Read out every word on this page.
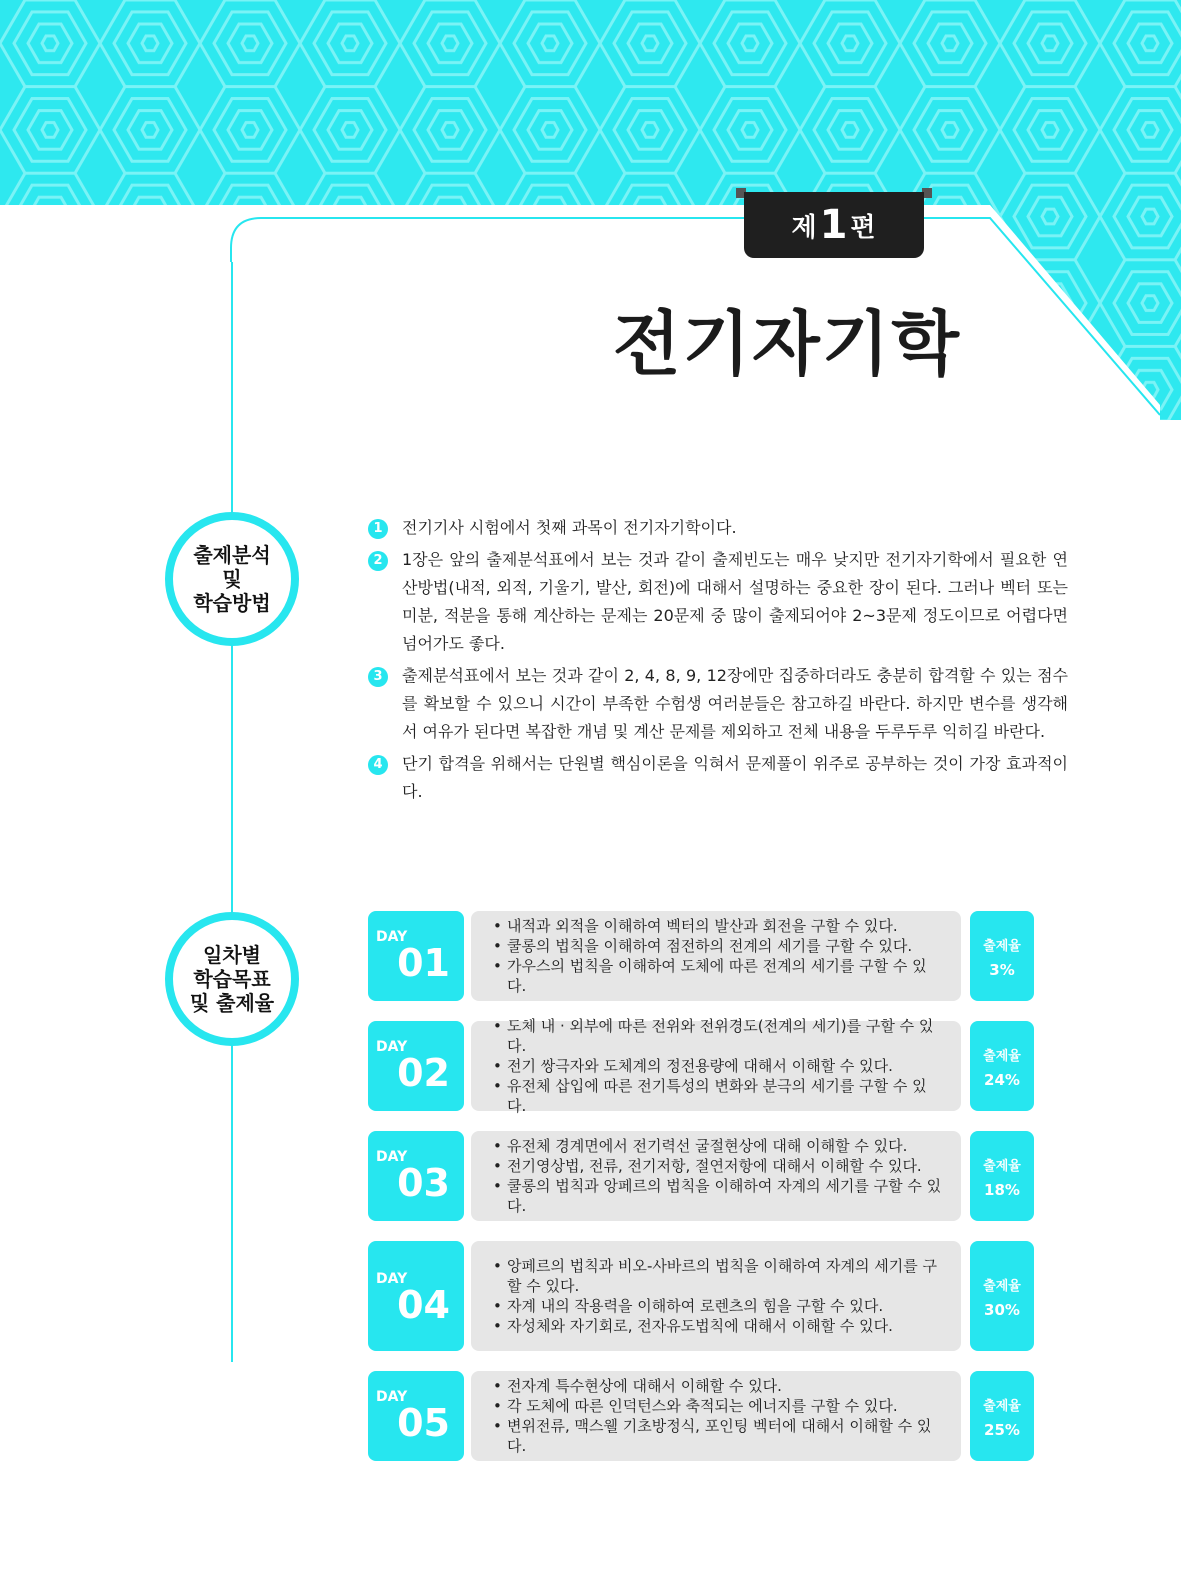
제 1 편
전기자기학
출제분석
및
학습방법
1	전기기사 시험에서 첫째 과목이 전기자기학이다.
2	1장은 앞의 출제분석표에서 보는 것과 같이 출제빈도는 매우 낮지만 전기자기학에서 필요한 연산방법(내적, 외적, 기울기, 발산, 회전)에 대해서 설명하는 중요한 장이 된다. 그러나 벡터 또는 미분, 적분을 통해 계산하는 문제는 20문제 중 많이 출제되어야 2~3문제 정도이므로 어렵다면 넘어가도 좋다.
3	출제분석표에서 보는 것과 같이 2, 4, 8, 9, 12장에만 집중하더라도 충분히 합격할 수 있는 점수를 확보할 수 있으니 시간이 부족한 수험생 여러분들은 참고하길 바란다. 하지만 변수를 생각해서 여유가 된다면 복잡한 개념 및 계산 문제를 제외하고 전체 내용을 두루두루 익히길 바란다.
4	단기 합격을 위해서는 단원별 핵심이론을 익혀서 문제풀이 위주로 공부하는 것이 가장 효과적이다.
일차별
학습목표
및 출제율
DAY
01
• 내적과 외적을 이해하여 벡터의 발산과 회전을 구할 수 있다.
• 쿨롱의 법칙을 이해하여 점전하의 전계의 세기를 구할 수 있다.
• 가우스의 법칙을 이해하여 도체에 따른 전계의 세기를 구할 수 있다.
출제율
3%
DAY
02
• 도체 내 · 외부에 따른 전위와 전위경도(전계의 세기)를 구할 수 있다.
• 전기 쌍극자와 도체계의 정전용량에 대해서 이해할 수 있다.
• 유전체 삽입에 따른 전기특성의 변화와 분극의 세기를 구할 수 있다.
출제율
24%
DAY
03
• 유전체 경계면에서 전기력선 굴절현상에 대해 이해할 수 있다.
• 전기영상법, 전류, 전기저항, 절연저항에 대해서 이해할 수 있다.
• 쿨롱의 법칙과 앙페르의 법칙을 이해하여 자계의 세기를 구할 수 있다.
출제율
18%
DAY
04
• 앙페르의 법칙과 비오-사바르의 법칙을 이해하여 자계의 세기를 구할 수 있다.
• 자계 내의 작용력을 이해하여 로렌츠의 힘을 구할 수 있다.
• 자성체와 자기회로, 전자유도법칙에 대해서 이해할 수 있다.
출제율
30%
DAY
05
• 전자계 특수현상에 대해서 이해할 수 있다.
• 각 도체에 따른 인덕턴스와 축적되는 에너지를 구할 수 있다.
• 변위전류, 맥스웰 기초방정식, 포인팅 벡터에 대해서 이해할 수 있다.
출제율
25%
